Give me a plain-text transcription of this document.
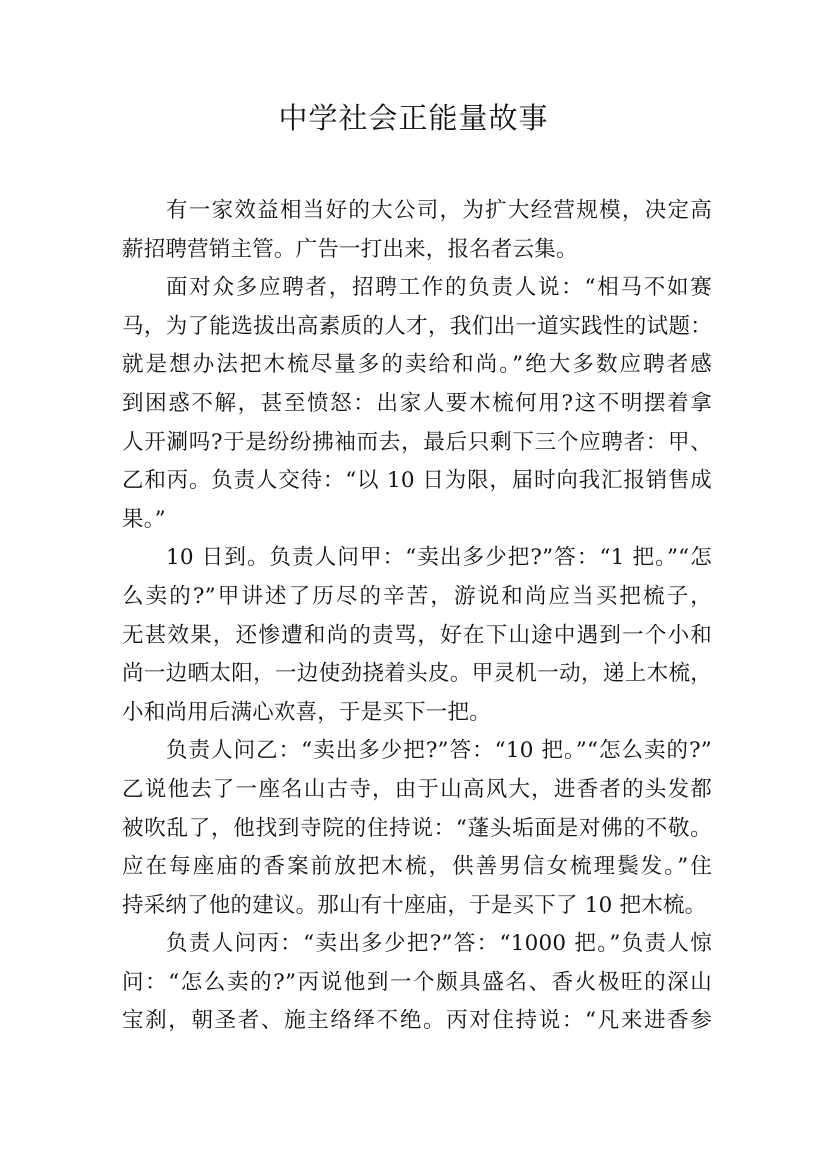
中学社会正能量故事

有一家效益相当好的大公司，为扩大经营规模，决定高
薪招聘营销主管。广告一打出来，报名者云集。

面对众多应聘者，招聘工作的负责人说：“相马不如赛
马，为了能选拔出高素质的人才，我们出一道实践性的试题：
就是想办法把木梳尽量多的卖给和尚。”绝大多数应聘者感
到困惑不解，甚至愤怒：出家人要木梳何用?这不明摆着拿
人开涮吗?于是纷纷拂袖而去，最后只剩下三个应聘者：甲、
乙和丙。负责人交待：“以 10 日为限，届时向我汇报销售成
果。”

10 日到。负责人问甲：“卖出多少把?”答：“1 把。”“怎
么卖的?”甲讲述了历尽的辛苦，游说和尚应当买把梳子，
无甚效果，还惨遭和尚的责骂，好在下山途中遇到一个小和
尚一边晒太阳，一边使劲挠着头皮。甲灵机一动，递上木梳，
小和尚用后满心欢喜，于是买下一把。

负责人问乙：“卖出多少把?”答：“10 把。”“怎么卖的?”
乙说他去了一座名山古寺，由于山高风大，进香者的头发都
被吹乱了，他找到寺院的住持说：“蓬头垢面是对佛的不敬。
应在每座庙的香案前放把木梳，供善男信女梳理鬓发。”住
持采纳了他的建议。那山有十座庙，于是买下了 10 把木梳。

负责人问丙：“卖出多少把?”答：“1000 把。”负责人惊
问：“怎么卖的?”丙说他到一个颇具盛名、香火极旺的深山
宝刹，朝圣者、施主络绎不绝。丙对住持说：“凡来进香参
